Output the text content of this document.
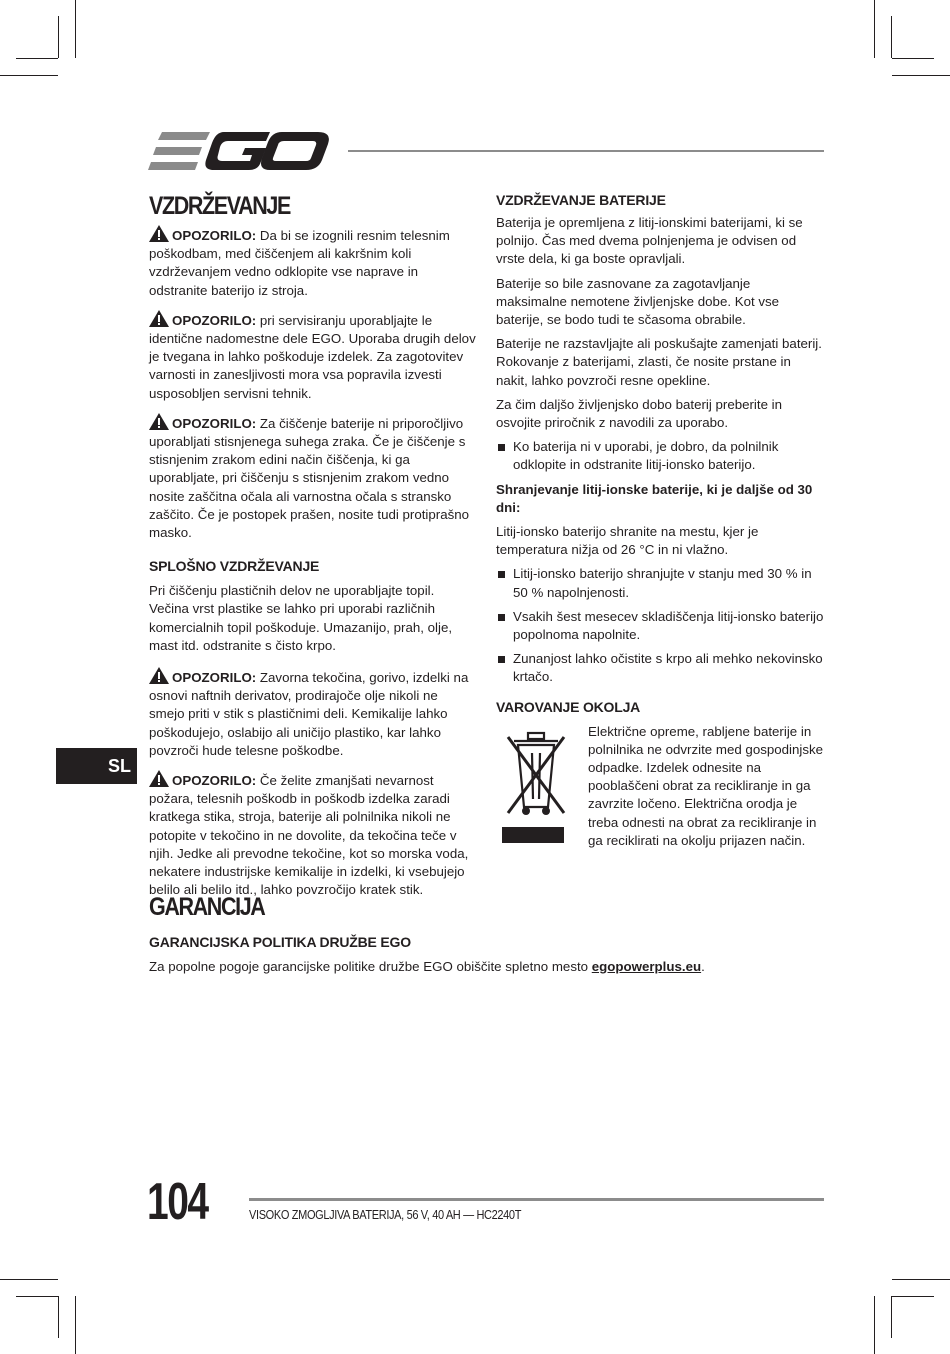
VZDRŽEVANJE

OPOZORILO: Da bi se izognili resnim telesnim poškodbam, med čiščenjem ali kakršnim koli vzdrževanjem vedno odklopite vse naprave in odstranite baterijo iz stroja.

OPOZORILO: pri servisiranju uporabljajte le identične nadomestne dele EGO. Uporaba drugih delov je tvegana in lahko poškoduje izdelek. Za zagotovitev varnosti in zanesljivosti mora vsa popravila izvesti usposobljen servisni tehnik.

OPOZORILO: Za čiščenje baterije ni priporočljivo uporabljati stisnjenega suhega zraka. Če je čiščenje s stisnjenim zrakom edini način čiščenja, ki ga uporabljate, pri čiščenju s stisnjenim zrakom vedno nosite zaščitna očala ali varnostna očala s stransko zaščito. Če je postopek prašen, nosite tudi protiprašno masko.

SPLOŠNO VZDRŽEVANJE

Pri čiščenju plastičnih delov ne uporabljajte topil. Večina vrst plastike se lahko pri uporabi različnih komercialnih topil poškoduje. Umazanijo, prah, olje, mast itd. odstranite s čisto krpo.

OPOZORILO: Zavorna tekočina, gorivo, izdelki na osnovi naftnih derivatov, prodirajoče olje nikoli ne smejo priti v stik s plastičnimi deli. Kemikalije lahko poškodujejo, oslabijo ali uničijo plastiko, kar lahko povzroči hude telesne poškodbe.

OPOZORILO: Če želite zmanjšati nevarnost požara, telesnih poškodb in poškodb izdelka zaradi kratkega stika, stroja, baterije ali polnilnika nikoli ne potopite v tekočino in ne dovolite, da tekočina teče v njih. Jedke ali prevodne tekočine, kot so morska voda, nekatere industrijske kemikalije in izdelki, ki vsebujejo belilo ali belilo itd., lahko povzročijo kratek stik.

VZDRŽEVANJE BATERIJE

Baterija je opremljena z litij-ionskimi baterijami, ki se polnijo. Čas med dvema polnjenjema je odvisen od vrste dela, ki ga boste opravljali.

Baterije so bile zasnovane za zagotavljanje maksimalne nemotene življenjske dobe. Kot vse baterije, se bodo tudi te sčasoma obrabile.

Baterije ne razstavljajte ali poskušajte zamenjati baterij. Rokovanje z baterijami, zlasti, če nosite prstane in nakit, lahko povzroči resne opekline.

Za čim daljšo življenjsko dobo baterij preberite in osvojite priročnik z navodili za uporabo.

Ko baterija ni v uporabi, je dobro, da polnilnik odklopite in odstranite litij-ionsko baterijo.

Shranjevanje litij-ionske baterije, ki je daljše od 30 dni:

Litij-ionsko baterijo shranite na mestu, kjer je temperatura nižja od 26 °C in ni vlažno.

Litij-ionsko baterijo shranjujte v stanju med 30 % in 50 % napolnjenosti.
Vsakih šest mesecev skladiščenja litij-ionsko baterijo popolnoma napolnite.
Zunanjost lahko očistite s krpo ali mehko nekovinsko krtačo.
VAROVANJE OKOLJA

Električne opreme, rabljene baterije in polnilnika ne odvrzite med gospodinjske odpadke. Izdelek odnesite na pooblaščeni obrat za recikliranje in ga zavrzite ločeno. Električna orodja je treba odnesti na obrat za recikliranje in ga reciklirati na okolju prijazen način.

SL
GARANCIJA
GARANCIJSKA POLITIKA DRUŽBE EGO

Za popolne pogoje garancijske politike družbe EGO obiščite spletno mesto egopowerplus.eu.

104	VISOKO ZMOGLJIVA BATERIJA, 56 V, 40 AH — HC2240T
